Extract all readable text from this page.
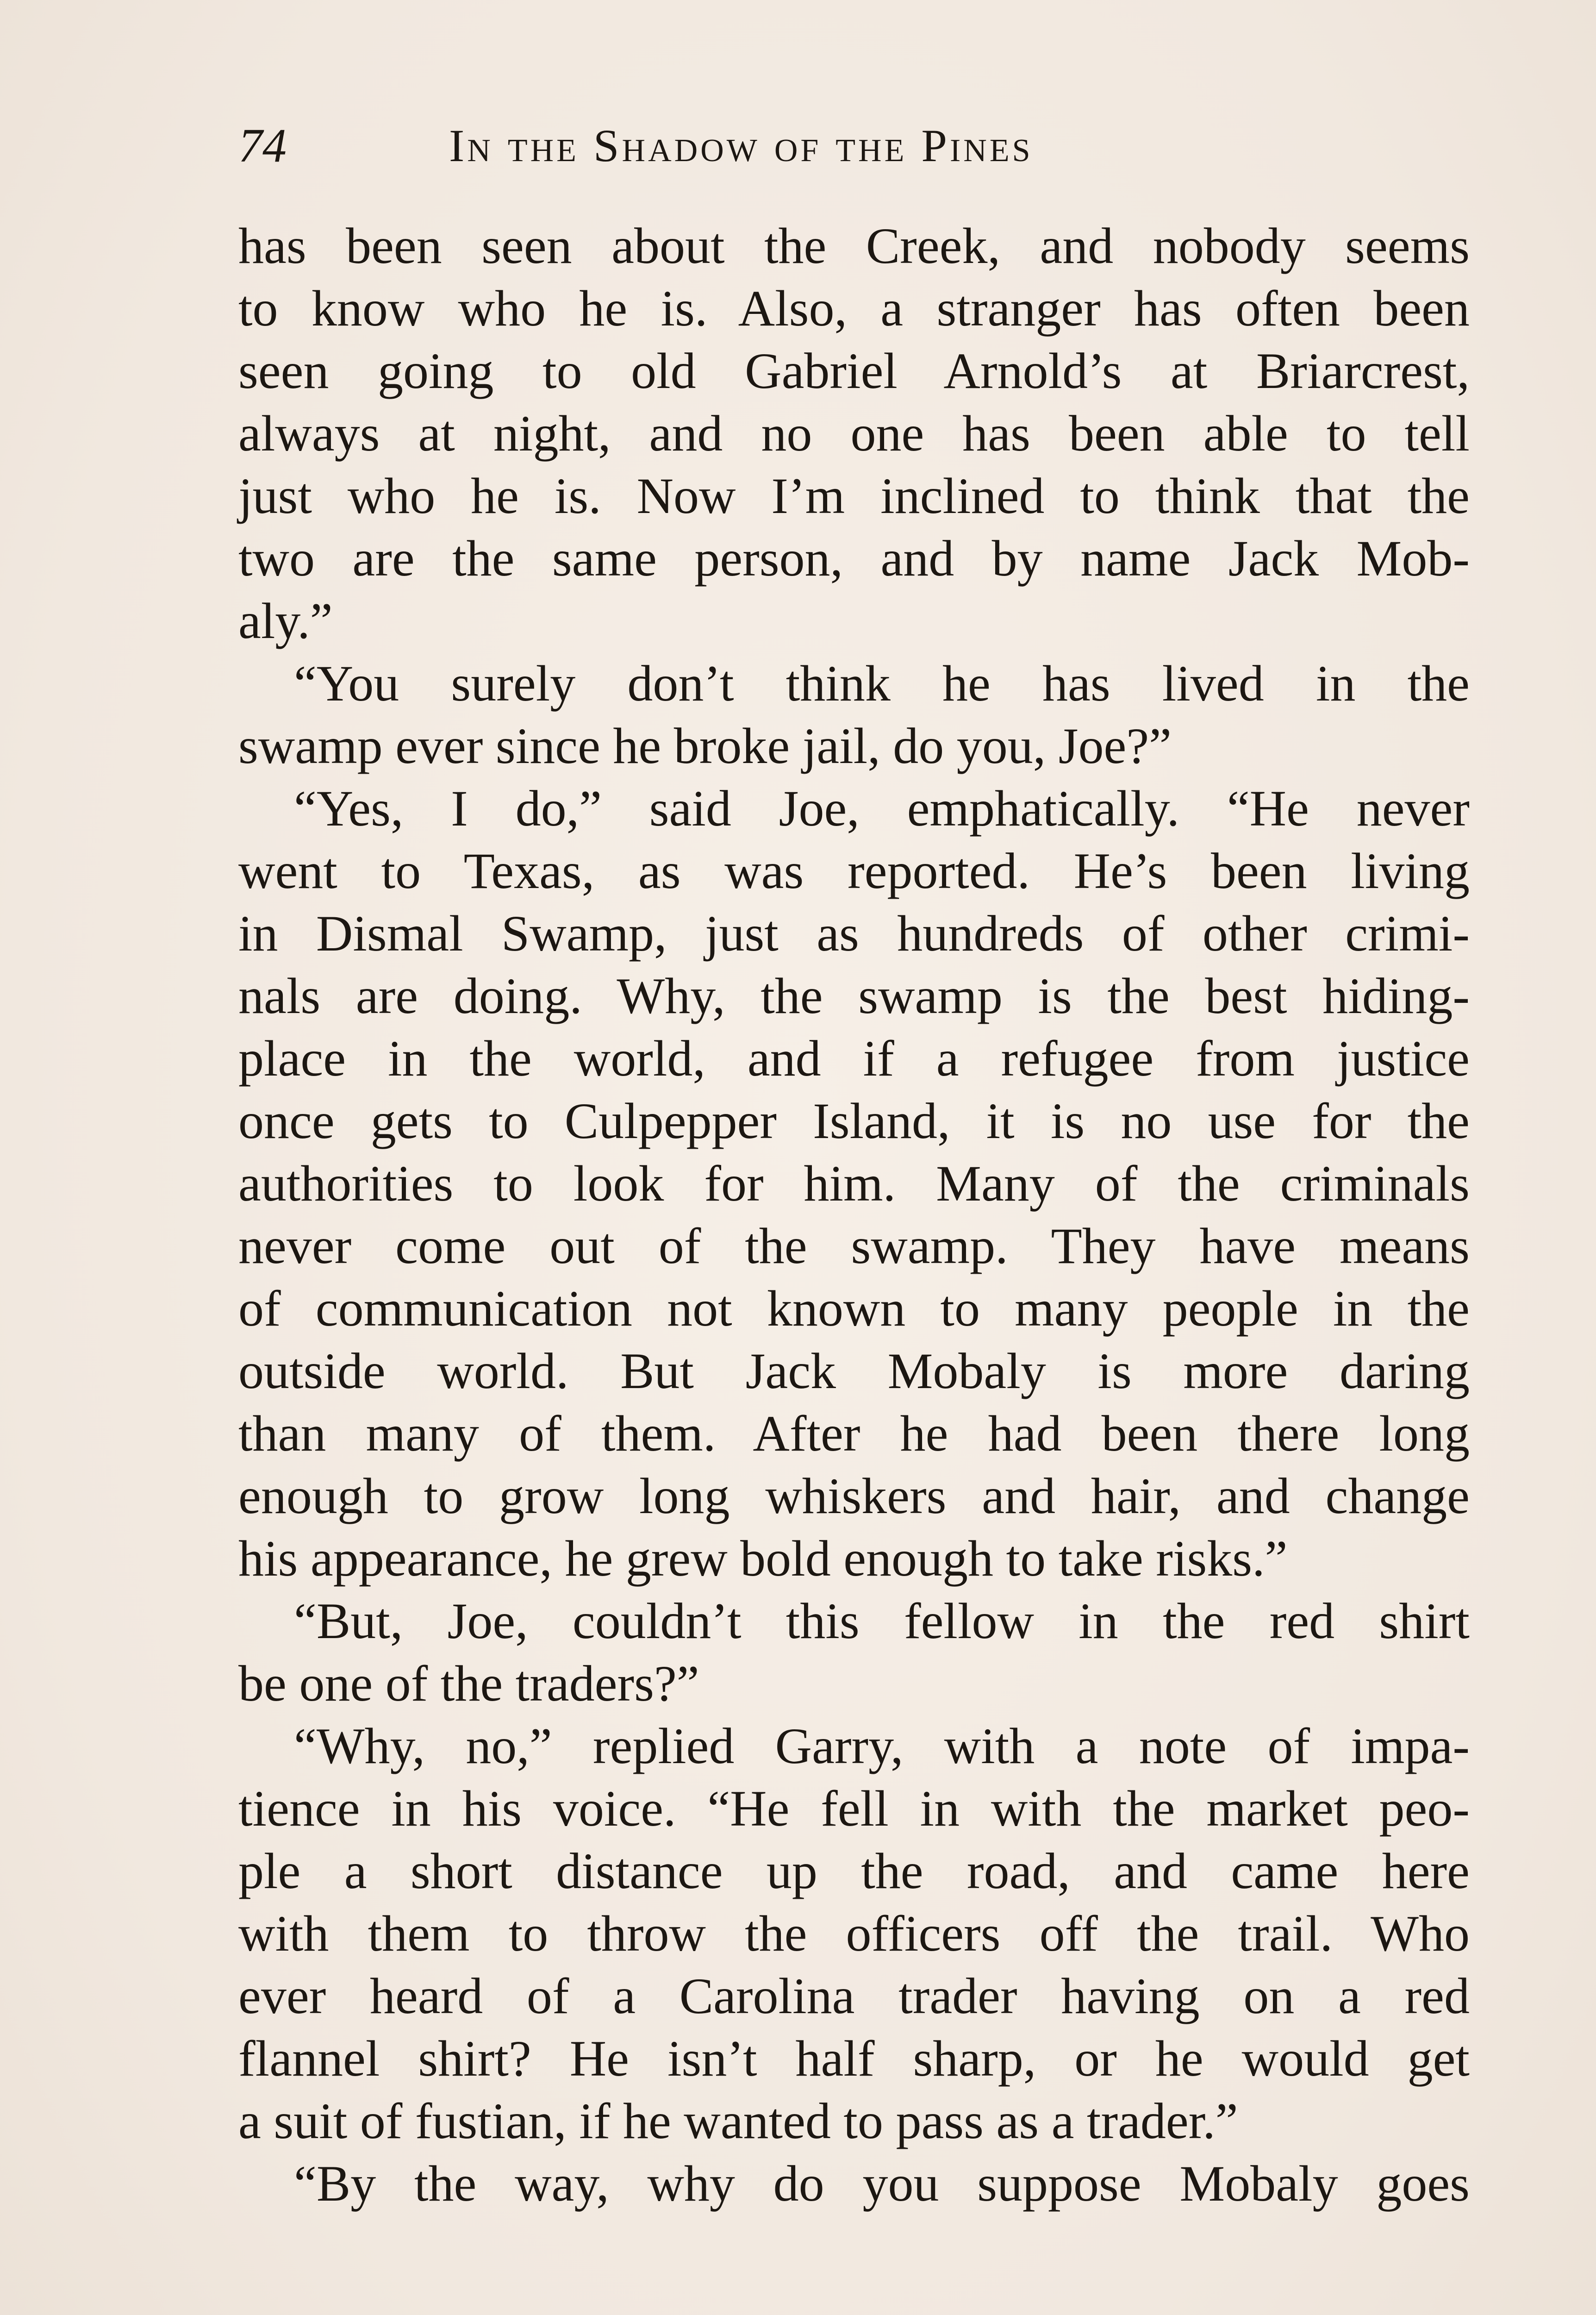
74	In the Shadow of the Pines
has been seen about the Creek, and nobody seems
to know who he is. Also, a stranger has often been
seen going to old Gabriel Arnold’s at Briarcrest,
always at night, and no one has been able to tell
just who he is. Now I’m inclined to think that the
two are the same person, and by name Jack Mob-
aly.”
“You surely don’t think he has lived in the
swamp ever since he broke jail, do you, Joe?”
“Yes, I do,” said Joe, emphatically. “He never
went to Texas, as was reported. He’s been living
in Dismal Swamp, just as hundreds of other crimi-
nals are doing. Why, the swamp is the best hiding-
place in the world, and if a refugee from justice
once gets to Culpepper Island, it is no use for the
authorities to look for him. Many of the criminals
never come out of the swamp. They have means
of communication not known to many people in the
outside world. But Jack Mobaly is more daring
than many of them. After he had been there long
enough to grow long whiskers and hair, and change
his appearance, he grew bold enough to take risks.”
“But, Joe, couldn’t this fellow in the red shirt
be one of the traders?”
“Why, no,” replied Garry, with a note of impa-
tience in his voice. “He fell in with the market peo-
ple a short distance up the road, and came here
with them to throw the officers off the trail. Who
ever heard of a Carolina trader having on a red
flannel shirt? He isn’t half sharp, or he would get
a suit of fustian, if he wanted to pass as a trader.”
“By the way, why do you suppose Mobaly goes
